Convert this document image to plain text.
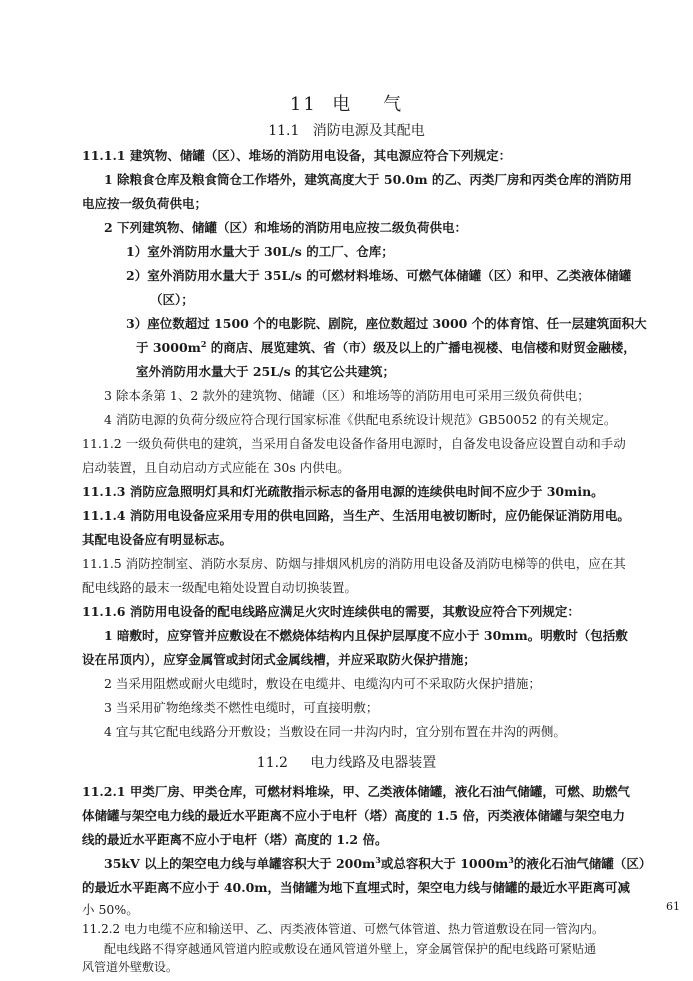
11  电    气
11.1   消防电源及其配电
11.1.1 建筑物、储罐（区）、堆场的消防用电设备，其电源应符合下列规定：
1 除粮食仓库及粮食筒仓工作塔外，建筑高度大于 50.0m 的乙、丙类厂房和丙类仓库的消防用
电应按一级负荷供电；
2 下列建筑物、储罐（区）和堆场的消防用电应按二级负荷供电：
1）室外消防用水量大于 30L/s 的工厂、仓库；
2）室外消防用水量大于 35L/s 的可燃材料堆场、可燃气体储罐（区）和甲、乙类液体储罐
（区）；
3）座位数超过 1500 个的电影院、剧院，座位数超过 3000 个的体育馆、任一层建筑面积大
于 $3000m^2$ 的商店、展览建筑、省（市）级及以上的广播电视楼、电信楼和财贸金融楼，
室外消防用水量大于 25L/s 的其它公共建筑；
3 除本条第 1、2 款外的建筑物、储罐（区）和堆场等的消防用电可采用三级负荷供电；
4 消防电源的负荷分级应符合现行国家标准《供配电系统设计规范》GB50052 的有关规定。
11.1.2 一级负荷供电的建筑，当采用自备发电设备作备用电源时，自备发电设备应设置自动和手动
启动装置，且自动启动方式应能在 30s 内供电。
11.1.3 消防应急照明灯具和灯光疏散指示标志的备用电源的连续供电时间不应少于 30min。
11.1.4 消防用电设备应采用专用的供电回路，当生产、生活用电被切断时，应仍能保证消防用电。
其配电设备应有明显标志。
11.1.5 消防控制室、消防水泵房、防烟与排烟风机房的消防用电设备及消防电梯等的供电，应在其
配电线路的最末一级配电箱处设置自动切换装置。
11.1.6 消防用电设备的配电线路应满足火灾时连续供电的需要，其敷设应符合下列规定：
1 暗敷时，应穿管并应敷设在不燃烧体结构内且保护层厚度不应小于 30mm。明敷时（包括敷
设在吊顶内），应穿金属管或封闭式金属线槽，并应采取防火保护措施；
2 当采用阻燃或耐火电缆时，敷设在电缆井、电缆沟内可不采取防火保护措施；
3 当采用矿物绝缘类不燃性电缆时，可直接明敷；
4 宜与其它配电线路分开敷设；当敷设在同一井沟内时，宜分别布置在井沟的两侧。
11.2     电力线路及电器装置
11.2.1 甲类厂房、甲类仓库，可燃材料堆垛，甲、乙类液体储罐，液化石油气储罐，可燃、助燃气
体储罐与架空电力线的最近水平距离不应小于电杆（塔）高度的 1.5 倍，丙类液体储罐与架空电力
线的最近水平距离不应小于电杆（塔）高度的 1.2 倍。
35kV 以上的架空电力线与单罐容积大于 $200m^3$或总容积大于 $1000m^3$的液化石油气储罐（区）
的最近水平距离不应小于 40.0m，当储罐为地下直埋式时，架空电力线与储罐的最近水平距离可减
小 50%。	61
11.2.2 电力电缆不应和输送甲、乙、丙类液体管道、可燃气体管道、热力管道敷设在同一管沟内。
配电线路不得穿越通风管道内腔或敷设在通风管道外壁上，穿金属管保护的配电线路可紧贴通
风管道外壁敷设。
